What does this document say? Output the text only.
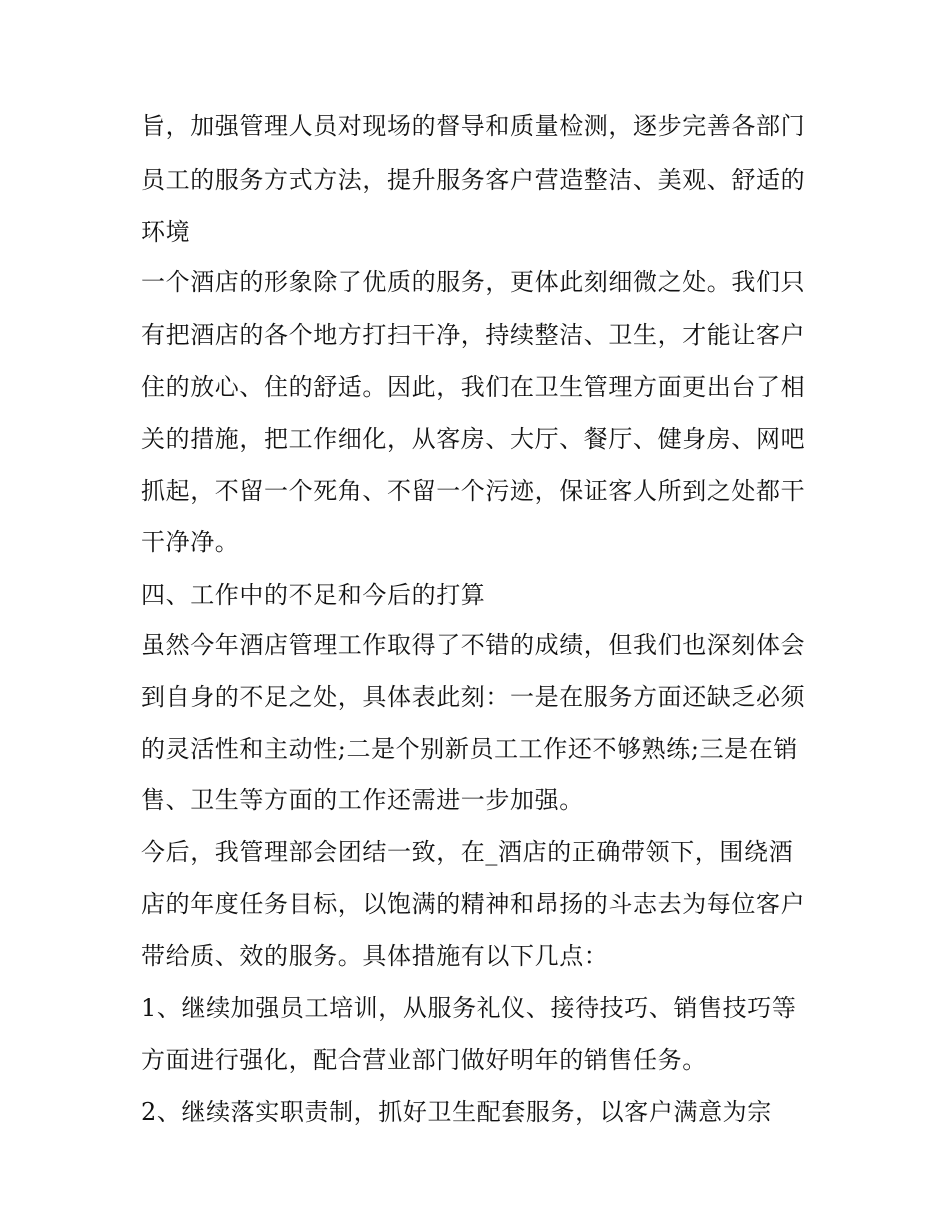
旨，加强管理人员对现场的督导和质量检测，逐步完善各部门
员工的服务方式方法，提升服务客户营造整洁、美观、舒适的
环境
一个酒店的形象除了优质的服务，更体此刻细微之处。我们只
有把酒店的各个地方打扫干净，持续整洁、卫生，才能让客户
住的放心、住的舒适。因此，我们在卫生管理方面更出台了相
关的措施，把工作细化，从客房、大厅、餐厅、健身房、网吧
抓起，不留一个死角、不留一个污迹，保证客人所到之处都干
干净净。
四、工作中的不足和今后的打算
虽然今年酒店管理工作取得了不错的成绩，但我们也深刻体会
到自身的不足之处，具体表此刻：一是在服务方面还缺乏必须
的灵活性和主动性;二是个别新员工工作还不够熟练;三是在销
售、卫生等方面的工作还需进一步加强。
今后，我管理部会团结一致，在_酒店的正确带领下，围绕酒
店的年度任务目标，以饱满的精神和昂扬的斗志去为每位客户
带给质、效的服务。具体措施有以下几点：
1、继续加强员工培训，从服务礼仪、接待技巧、销售技巧等
方面进行强化，配合营业部门做好明年的销售任务。
2、继续落实职责制，抓好卫生配套服务，以客户满意为宗
